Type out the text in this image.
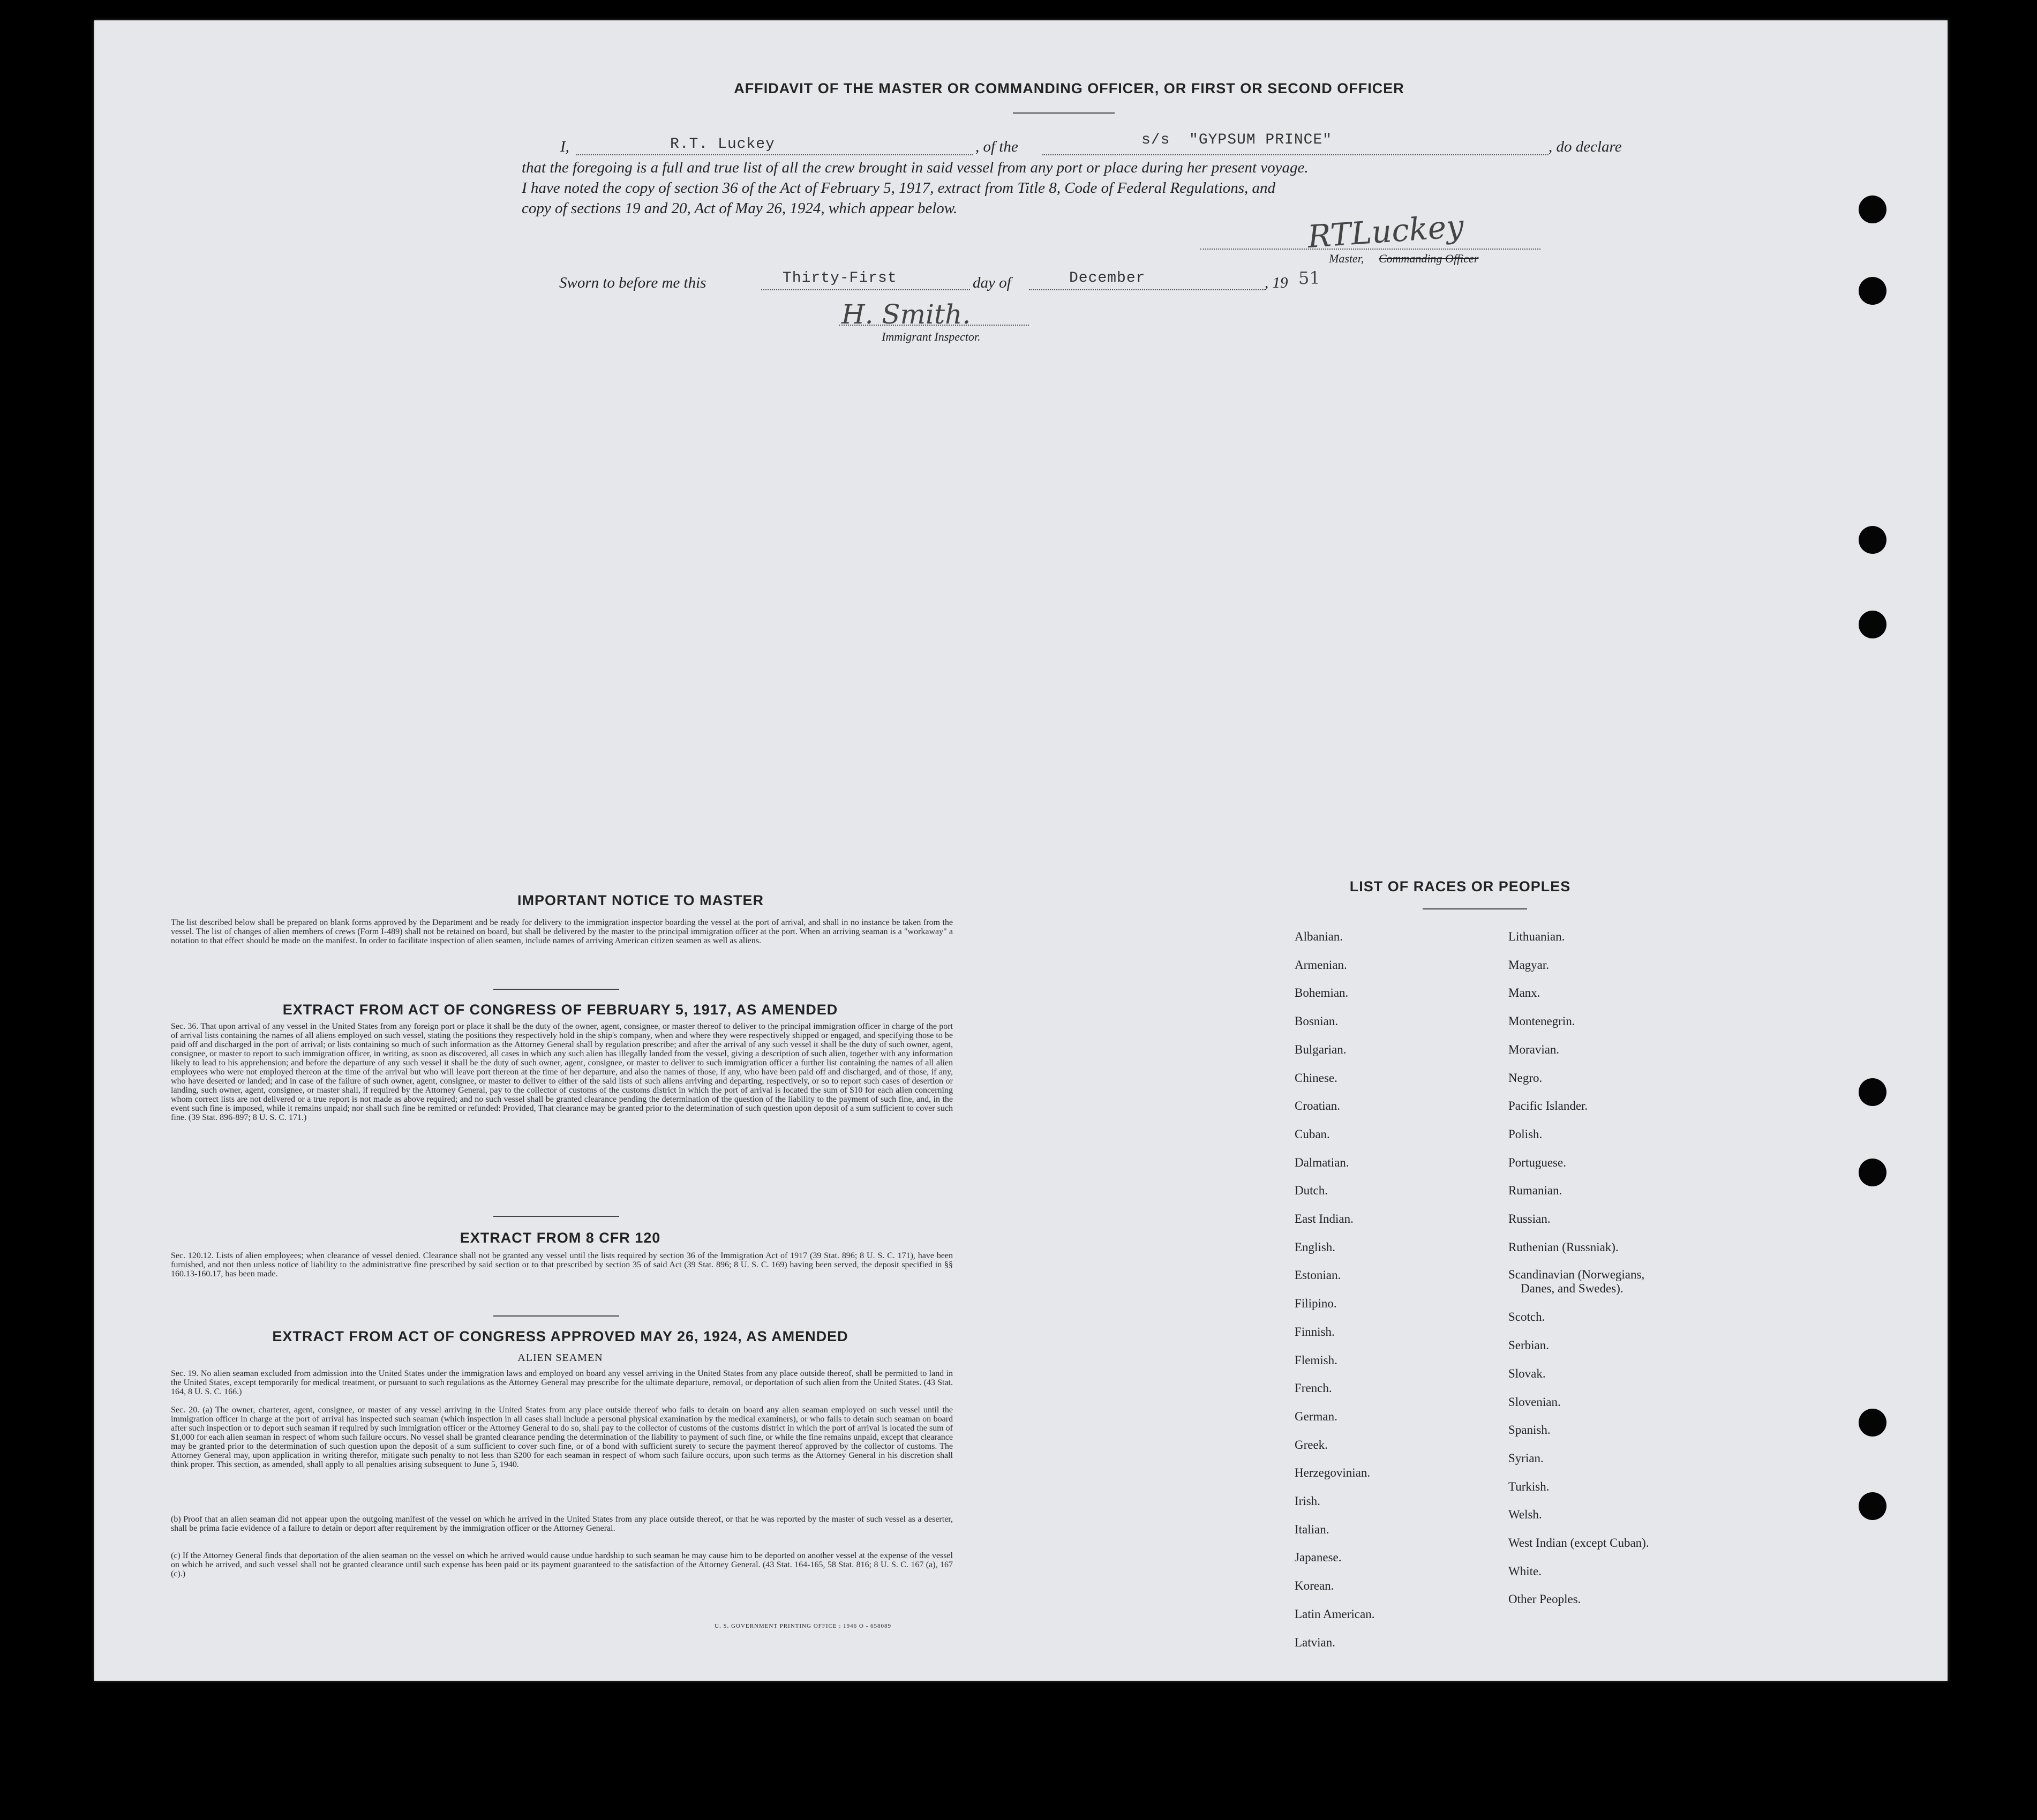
AFFIDAVIT OF THE MASTER OR COMMANDING OFFICER, OR FIRST OR SECOND OFFICER
I,	R.T. Luckey	, of the	s/s  "GYPSUM PRINCE"	, do declare
that the foregoing is a full and true list of all the crew brought in said vessel from any port or place during her present voyage.
I have noted the copy of section 36 of the Act of February 5, 1917, extract from Title 8, Code of Federal Regulations, and
copy of sections 19 and 20, Act of May 26, 1924, which appear below.	RTLuckey
Master, Commanding Officer
Sworn to before me this	Thirty-First	day of	December	, 19 51
H. Smith.
Immigrant Inspector.
IMPORTANT NOTICE TO MASTER
The list described below shall be prepared on blank forms approved by the Department and be ready for delivery to the immigration inspector boarding the vessel at the port of arrival, and shall in no instance be taken from the vessel. The list of changes of alien members of crews (Form I-489) shall not be retained on board, but shall be delivered by the master to the principal immigration officer at the port. When an arriving seaman is a "workaway" a notation to that effect should be made on the manifest. In order to facilitate inspection of alien seamen, include names of arriving American citizen seamen as well as aliens.
EXTRACT FROM ACT OF CONGRESS OF FEBRUARY 5, 1917, AS AMENDED
Sec. 36. That upon arrival of any vessel in the United States from any foreign port or place it shall be the duty of the owner, agent, consignee, or master thereof to deliver to the principal immigration officer in charge of the port of arrival lists containing the names of all aliens employed on such vessel, stating the positions they respectively hold in the ship's company, when and where they were respectively shipped or engaged, and specifying those to be paid off and discharged in the port of arrival; or lists containing so much of such information as the Attorney General shall by regulation prescribe; and after the arrival of any such vessel it shall be the duty of such owner, agent, consignee, or master to report to such immigration officer, in writing, as soon as discovered, all cases in which any such alien has illegally landed from the vessel, giving a description of such alien, together with any information likely to lead to his apprehension; and before the departure of any such vessel it shall be the duty of such owner, agent, consignee, or master to deliver to such immigration officer a further list containing the names of all alien employees who were not employed thereon at the time of the arrival but who will leave port thereon at the time of her departure, and also the names of those, if any, who have been paid off and discharged, and of those, if any, who have deserted or landed; and in case of the failure of such owner, agent, consignee, or master to deliver to either of the said lists of such aliens arriving and departing, respectively, or so to report such cases of desertion or landing, such owner, agent, consignee, or master shall, if required by the Attorney General, pay to the collector of customs of the customs district in which the port of arrival is located the sum of $10 for each alien concerning whom correct lists are not delivered or a true report is not made as above required; and no such vessel shall be granted clearance pending the determination of the question of the liability to the payment of such fine, and, in the event such fine is imposed, while it remains unpaid; nor shall such fine be remitted or refunded: Provided, That clearance may be granted prior to the determination of such question upon deposit of a sum sufficient to cover such fine. (39 Stat. 896-897; 8 U. S. C. 171.)
EXTRACT FROM 8 CFR 120
Sec. 120.12. Lists of alien employees; when clearance of vessel denied. Clearance shall not be granted any vessel until the lists required by section 36 of the Immigration Act of 1917 (39 Stat. 896; 8 U. S. C. 171), have been furnished, and not then unless notice of liability to the administrative fine prescribed by said section or to that prescribed by section 35 of said Act (39 Stat. 896; 8 U. S. C. 169) having been served, the deposit specified in §§ 160.13-160.17, has been made.
EXTRACT FROM ACT OF CONGRESS APPROVED MAY 26, 1924, AS AMENDED
ALIEN SEAMEN
Sec. 19. No alien seaman excluded from admission into the United States under the immigration laws and employed on board any vessel arriving in the United States from any place outside thereof, shall be permitted to land in the United States, except temporarily for medical treatment, or pursuant to such regulations as the Attorney General may prescribe for the ultimate departure, removal, or deportation of such alien from the United States. (43 Stat. 164, 8 U. S. C. 166.)
Sec. 20. (a) The owner, charterer, agent, consignee, or master of any vessel arriving in the United States from any place outside thereof who fails to detain on board any alien seaman employed on such vessel until the immigration officer in charge at the port of arrival has inspected such seaman (which inspection in all cases shall include a personal physical examination by the medical examiners), or who fails to detain such seaman on board after such inspection or to deport such seaman if required by such immigration officer or the Attorney General to do so, shall pay to the collector of customs of the customs district in which the port of arrival is located the sum of $1,000 for each alien seaman in respect of whom such failure occurs. No vessel shall be granted clearance pending the determination of the liability to payment of such fine, or while the fine remains unpaid, except that clearance may be granted prior to the determination of such question upon the deposit of a sum sufficient to cover such fine, or of a bond with sufficient surety to secure the payment thereof approved by the collector of customs. The Attorney General may, upon application in writing therefor, mitigate such penalty to not less than $200 for each seaman in respect of whom such failure occurs, upon such terms as the Attorney General in his discretion shall think proper. This section, as amended, shall apply to all penalties arising subsequent to June 5, 1940.
(b) Proof that an alien seaman did not appear upon the outgoing manifest of the vessel on which he arrived in the United States from any place outside thereof, or that he was reported by the master of such vessel as a deserter, shall be prima facie evidence of a failure to detain or deport after requirement by the immigration officer or the Attorney General.
(c) If the Attorney General finds that deportation of the alien seaman on the vessel on which he arrived would cause undue hardship to such seaman he may cause him to be deported on another vessel at the expense of the vessel on which he arrived, and such vessel shall not be granted clearance until such expense has been paid or its payment guaranteed to the satisfaction of the Attorney General. (43 Stat. 164-165, 58 Stat. 816; 8 U. S. C. 167 (a), 167 (c).)
U. S. GOVERNMENT PRINTING OFFICE : 1946 O - 658089
LIST OF RACES OR PEOPLES
Albanian.
Armenian.
Bohemian.
Bosnian.
Bulgarian.
Chinese.
Croatian.
Cuban.
Dalmatian.
Dutch.
East Indian.
English.
Estonian.
Filipino.
Finnish.
Flemish.
French.
German.
Greek.
Herzegovinian.
Irish.
Italian.
Japanese.
Korean.
Latin American.
Latvian.
Lithuanian.
Magyar.
Manx.
Montenegrin.
Moravian.
Negro.
Pacific Islander.
Polish.
Portuguese.
Rumanian.
Russian.
Ruthenian (Russniak).
Scandinavian (Norwegians,
Danes, and Swedes).
Scotch.
Serbian.
Slovak.
Slovenian.
Spanish.
Syrian.
Turkish.
Welsh.
West Indian (except Cuban).
White.
Other Peoples.
